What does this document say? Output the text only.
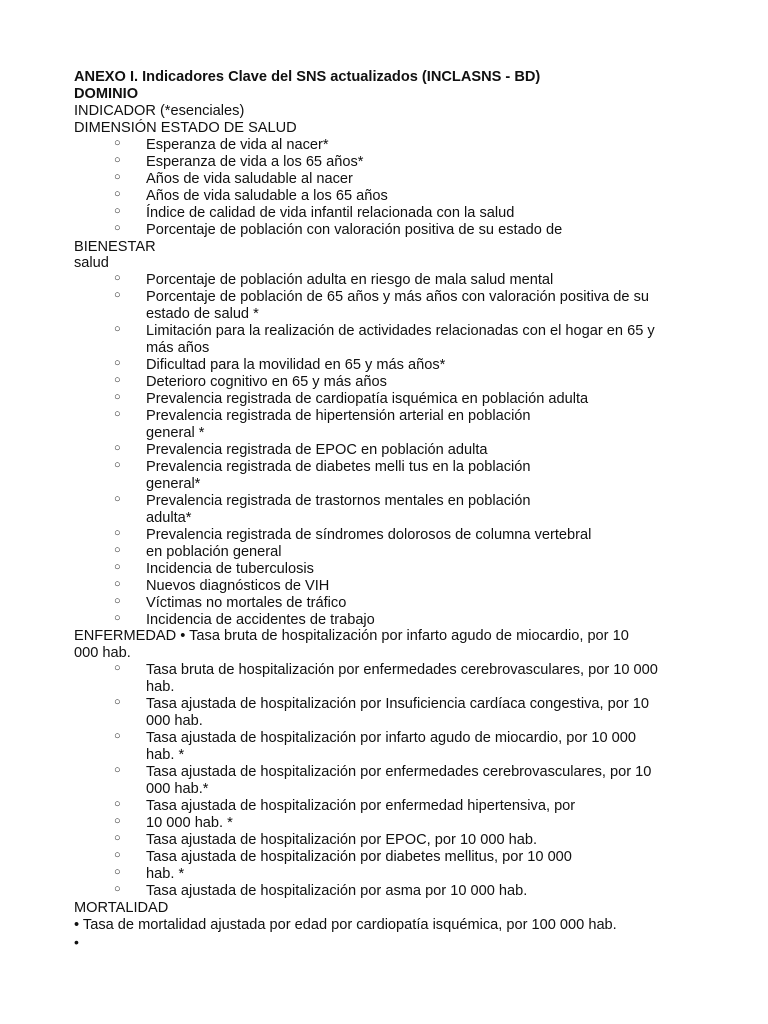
ANEXO I. Indicadores Clave del SNS actualizados (INCLASNS - BD)
DOMINIO
INDICADOR (*esenciales)
DIMENSIÓN ESTADO DE SALUD
○ Esperanza de vida al nacer*
○ Esperanza de vida a los 65 años*
○ Años de vida saludable al nacer
○ Años de vida saludable a los 65 años
○ Índice de calidad de vida infantil relacionada con la salud
○ Porcentaje de población con valoración positiva de su estado de
BIENESTAR
salud
○ Porcentaje de población adulta en riesgo de mala salud mental
○ Porcentaje de población de 65 años y más años con valoración positiva de su
estado de salud *
○ Limitación para la realización de actividades relacionadas con el hogar en 65 y
más años
○ Dificultad para la movilidad en 65 y más años*
○ Deterioro cognitivo en 65 y más años
○ Prevalencia registrada de cardiopatía isquémica en población adulta
○ Prevalencia registrada de hipertensión arterial en población
general *
○ Prevalencia registrada de EPOC en población adulta
○ Prevalencia registrada de diabetes melli tus en la población
general*
○ Prevalencia registrada de trastornos mentales en población
adulta*
○ Prevalencia registrada de síndromes dolorosos de columna vertebral
○ en población general
○ Incidencia de tuberculosis
○ Nuevos diagnósticos de VIH
○ Víctimas no mortales de tráfico
○ Incidencia de accidentes de trabajo
ENFERMEDAD • Tasa bruta de hospitalización por infarto agudo de miocardio, por 10
000 hab.
○ Tasa bruta de hospitalización por enfermedades cerebrovasculares, por 10 000
hab.
○ Tasa ajustada de hospitalización por Insuficiencia cardíaca congestiva, por 10
000 hab.
○ Tasa ajustada de hospitalización por infarto agudo de miocardio, por 10 000
hab. *
○ Tasa ajustada de hospitalización por enfermedades cerebrovasculares, por 10
000 hab.*
○ Tasa ajustada de hospitalización por enfermedad hipertensiva, por
○ 10 000 hab. *
○ Tasa ajustada de hospitalización por EPOC, por 10 000 hab.
○ Tasa ajustada de hospitalización por diabetes mellitus, por 10 000
○ hab. *
○ Tasa ajustada de hospitalización por asma por 10 000 hab.
MORTALIDAD
• Tasa de mortalidad ajustada por edad por cardiopatía isquémica, por 100 000 hab.
•
